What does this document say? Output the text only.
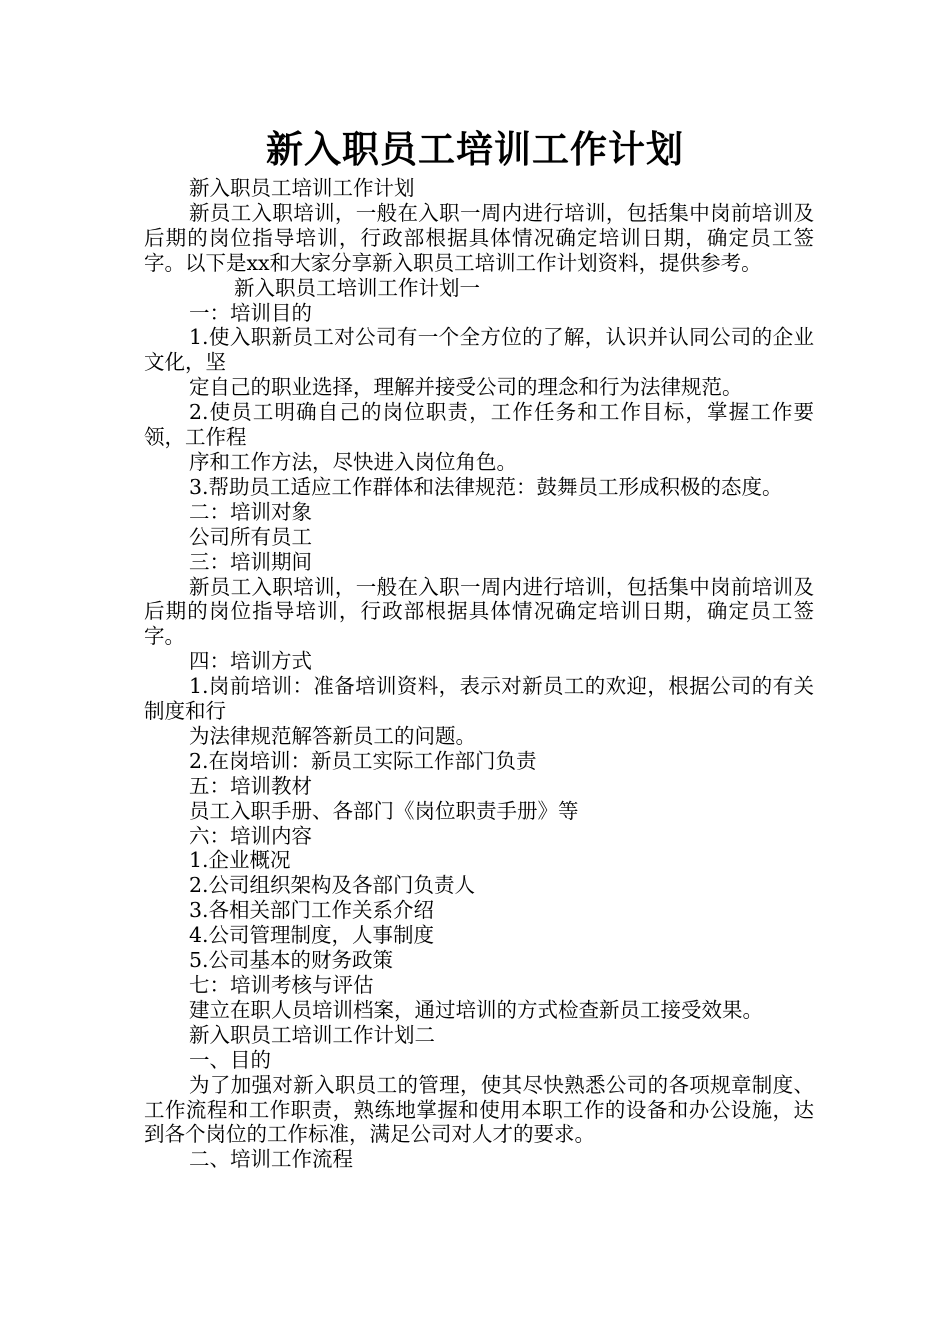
新入职员工培训工作计划

新入职员工培训工作计划

新员工入职培训，一般在入职一周内进行培训，包括集中岗前培训及后期的岗位指导培训，行政部根据具体情况确定培训日期，确定员工签字。以下是xx和大家分享新入职员工培训工作计划资料，提供参考。

新入职员工培训工作计划一

一：培训目的

1.使入职新员工对公司有一个全方位的了解，认识并认同公司的企业文化，坚

定自己的职业选择，理解并接受公司的理念和行为法律规范。

2.使员工明确自己的岗位职责，工作任务和工作目标，掌握工作要领，工作程

序和工作方法，尽快进入岗位角色。

3.帮助员工适应工作群体和法律规范：鼓舞员工形成积极的态度。

二：培训对象

公司所有员工

三：培训期间

新员工入职培训，一般在入职一周内进行培训，包括集中岗前培训及后期的岗位指导培训，行政部根据具体情况确定培训日期，确定员工签字。

四：培训方式

1.岗前培训：准备培训资料，表示对新员工的欢迎，根据公司的有关制度和行

为法律规范解答新员工的问题。

2.在岗培训：新员工实际工作部门负责

五：培训教材

员工入职手册、各部门《岗位职责手册》等

六：培训内容

1.企业概况

2.公司组织架构及各部门负责人

3.各相关部门工作关系介绍

4.公司管理制度，人事制度

5.公司基本的财务政策

七：培训考核与评估

建立在职人员培训档案，通过培训的方式检查新员工接受效果。

新入职员工培训工作计划二

一、目的

为了加强对新入职员工的管理，使其尽快熟悉公司的各项规章制度、工作流程和工作职责，熟练地掌握和使用本职工作的设备和办公设施，达到各个岗位的工作标准，满足公司对人才的要求。

二、培训工作流程
